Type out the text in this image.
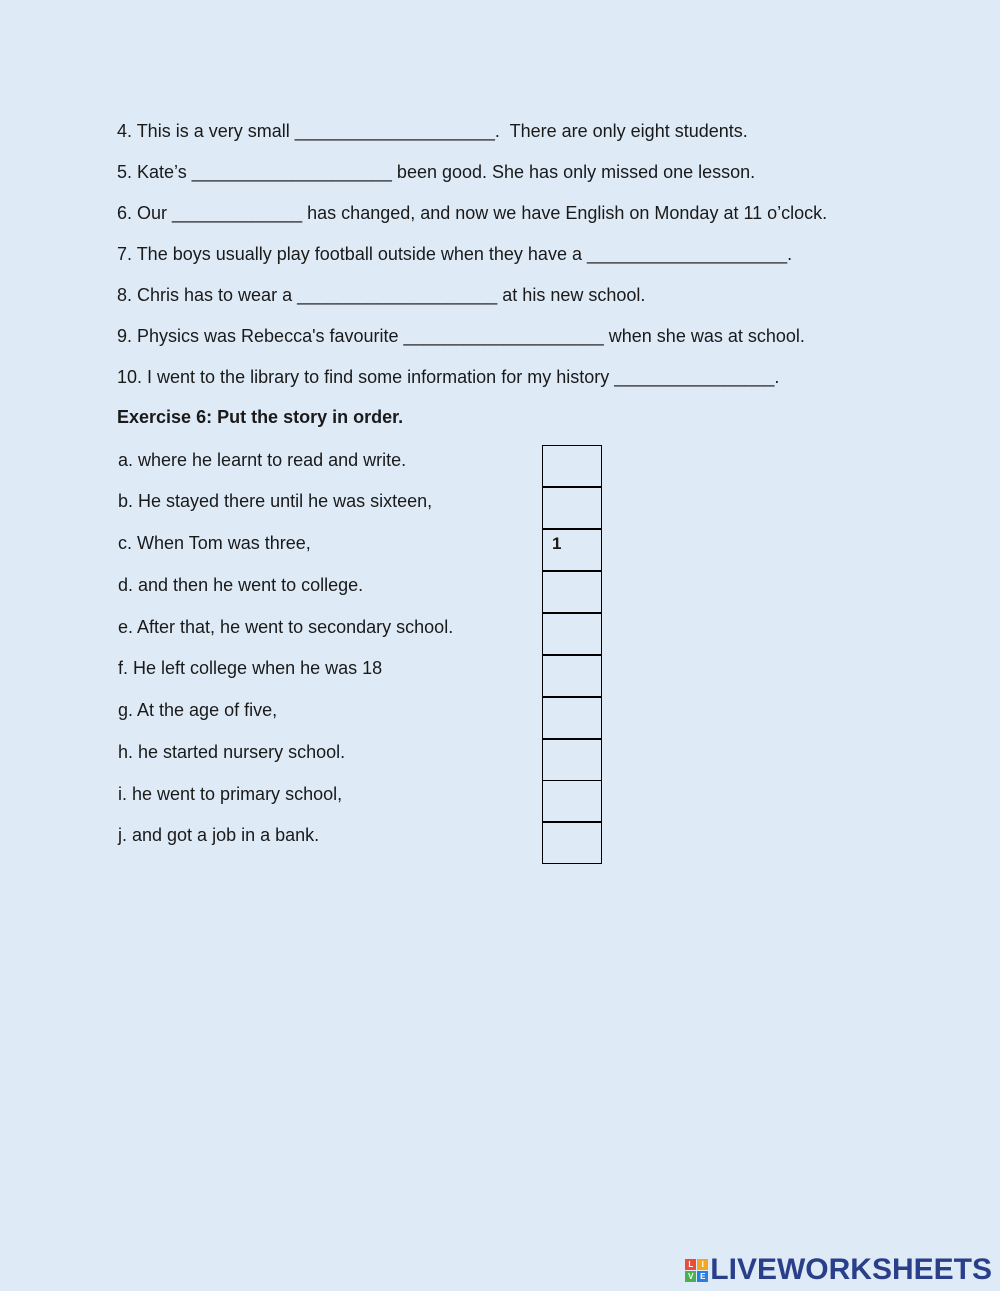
4. This is a very small ____________________.  There are only eight students.
5. Kate’s ____________________ been good. She has only missed one lesson.
6. Our _____________ has changed, and now we have English on Monday at 11 o’clock.
7. The boys usually play football outside when they have a ____________________.
8. Chris has to wear a ____________________ at his new school.
9. Physics was Rebecca's favourite ____________________ when she was at school.
10. I went to the library to find some information for my history ________________.
Exercise 6: Put the story in order.
a. where he learnt to read and write.
b. He stayed there until he was sixteen,
c. When Tom was three,
d. and then he went to college.
e. After that, he went to secondary school.
f. He left college when he was 18
g. At the age of five,
h. he started nursery school.
i. he went to primary school,
j. and got a job in a bank.
1
L	I
V E LIVEWORKSHEETS
